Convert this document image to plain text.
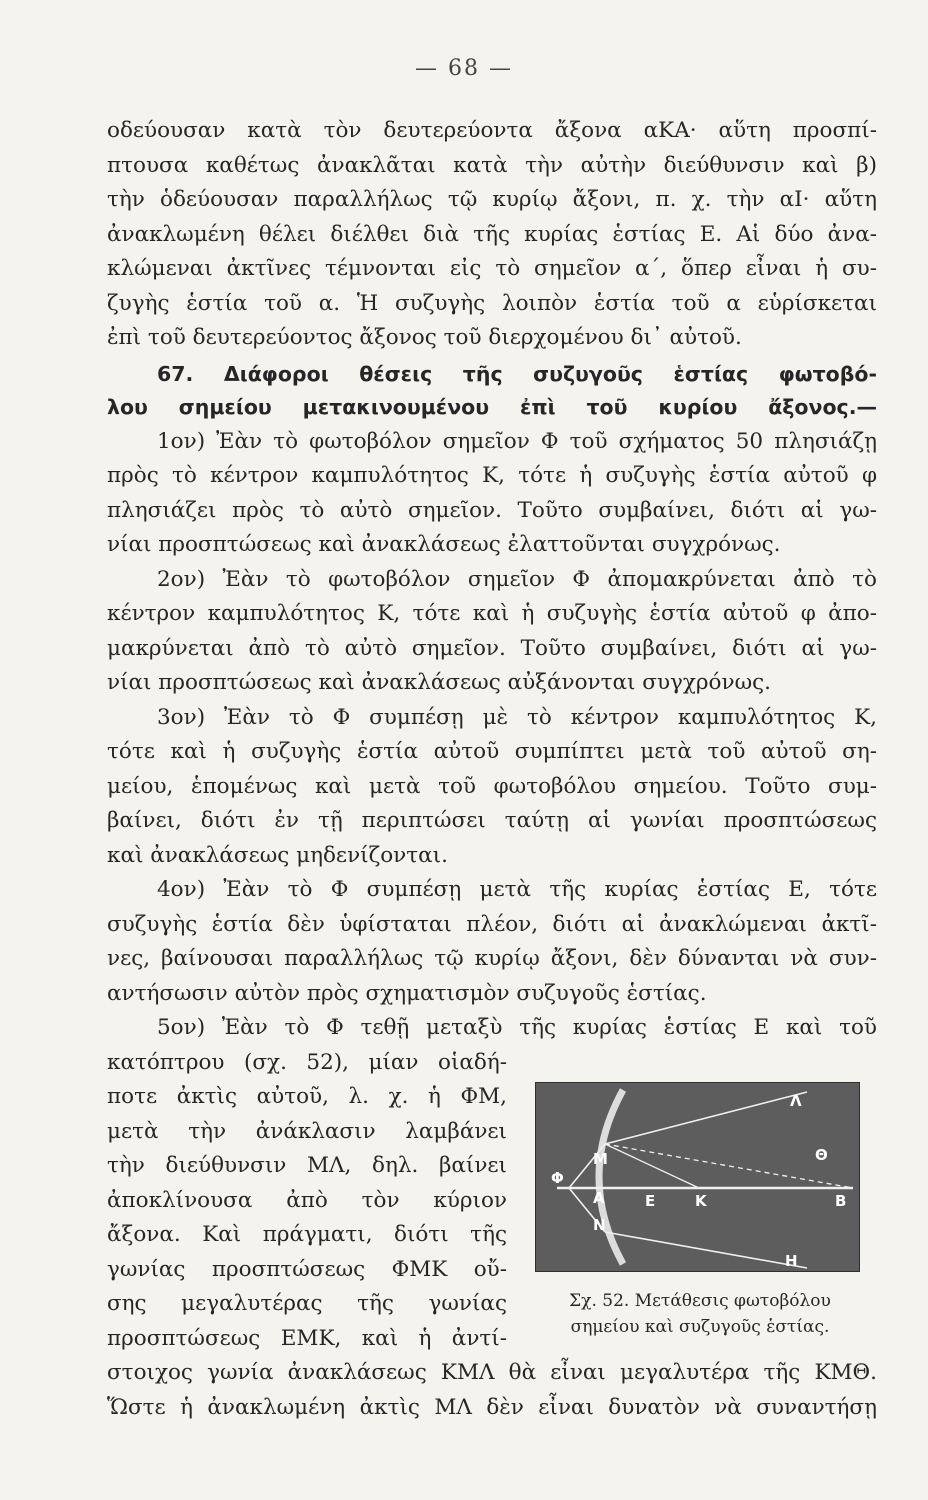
— 68 —
οδεύουσαν κατὰ τὸν δευτερεύοντα ἄξονα αΚΑ· αὕτη προσπί-
πτουσα καθέτως ἀνακλᾶται κατὰ τὴν αὐτὴν διεύθυνσιν καὶ β)
τὴν ὁδεύουσαν παραλλήλως τῷ κυρίῳ ἄξονι, π. χ. τὴν αΙ· αὕτη
ἀνακλωμένη θέλει διέλθει διὰ τῆς κυρίας ἑστίας Ε. Αἱ δύο ἀνα-
κλώμεναι ἀκτῖνες τέμνονται εἰς τὸ σημεῖον α΄, ὅπερ εἶναι ἡ συ-
ζυγὴς ἑστία τοῦ α. Ἡ συζυγὴς λοιπὸν ἑστία τοῦ α εὑρίσκεται
ἐπὶ τοῦ δευτερεύοντος ἄξονος τοῦ διερχομένου δι᾽ αὐτοῦ.
67. Διάφοροι θέσεις τῆς συζυγοῦς ἑστίας φωτοβό-
λου σημείου μετακινουμένου ἐπὶ τοῦ κυρίου ἄξονος.—
1ον) Ἐὰν τὸ φωτοβόλον σημεῖον Φ τοῦ σχήματος 50 πλησιάζῃ
πρὸς τὸ κέντρον καμπυλότητος Κ, τότε ἡ συζυγὴς ἑστία αὐτοῦ φ
πλησιάζει πρὸς τὸ αὐτὸ σημεῖον. Τοῦτο συμβαίνει, διότι αἱ γω-
νίαι προσπτώσεως καὶ ἀνακλάσεως ἐλαττοῦνται συγχρόνως.
2ον) Ἐὰν τὸ φωτοβόλον σημεῖον Φ ἀπομακρύνεται ἀπὸ τὸ
κέντρον καμπυλότητος Κ, τότε καὶ ἡ συζυγὴς ἑστία αὐτοῦ φ ἀπο-
μακρύνεται ἀπὸ τὸ αὐτὸ σημεῖον. Τοῦτο συμβαίνει, διότι αἱ γω-
νίαι προσπτώσεως καὶ ἀνακλάσεως αὐξάνονται συγχρόνως.
3ον) Ἐὰν τὸ Φ συμπέσῃ μὲ τὸ κέντρον καμπυλότητος Κ,
τότε καὶ ἡ συζυγὴς ἑστία αὐτοῦ συμπίπτει μετὰ τοῦ αὐτοῦ ση-
μείου, ἑπομένως καὶ μετὰ τοῦ φωτοβόλου σημείου. Τοῦτο συμ-
βαίνει, διότι ἐν τῇ περιπτώσει ταύτῃ αἱ γωνίαι προσπτώσεως
καὶ ἀνακλάσεως μηδενίζονται.
4ον) Ἐὰν τὸ Φ συμπέσῃ μετὰ τῆς κυρίας ἑστίας Ε, τότε
συζυγὴς ἑστία δὲν ὑφίσταται πλέον, διότι αἱ ἀνακλώμεναι ἀκτῖ-
νες, βαίνουσαι παραλλήλως τῷ κυρίῳ ἄξονι, δὲν δύνανται νὰ συν-
αντήσωσιν αὐτὸν πρὸς σχηματισμὸν συζυγοῦς ἑστίας.
5ον) Ἐὰν τὸ Φ τεθῇ μεταξὺ τῆς κυρίας ἑστίας Ε καὶ τοῦ
κατόπτρου (σχ. 52), μίαν οἱαδή-
ποτε ἀκτὶς αὐτοῦ, λ. χ. ἡ ΦΜ,
μετὰ τὴν ἀνάκλασιν λαμβάνει
τὴν διεύθυνσιν ΜΛ, δηλ. βαίνει
ἀποκλίνουσα ἀπὸ τὸν κύριον
ἄξονα. Καὶ πράγματι, διότι τῆς
γωνίας προσπτώσεως ΦΜΚ οὔ-
σης μεγαλυτέρας τῆς γωνίας
προσπτώσεως ΕΜΚ, καὶ ἡ ἀντί-
στοιχος γωνία ἀνακλάσεως ΚΜΛ θὰ εἶναι μεγαλυτέρα τῆς ΚΜΘ.
Ὥστε ἡ ἀνακλωμένη ἀκτὶς ΜΛ δὲν εἶναι δυνατὸν νὰ συναντήσῃ
Λ
Θ
Μ
Φ
Α	Ε	Κ	Β
Ν
Η
Σχ. 52. Μετάθεσις φωτοβόλου
σημείου καὶ συζυγοῦς ἑστίας.
